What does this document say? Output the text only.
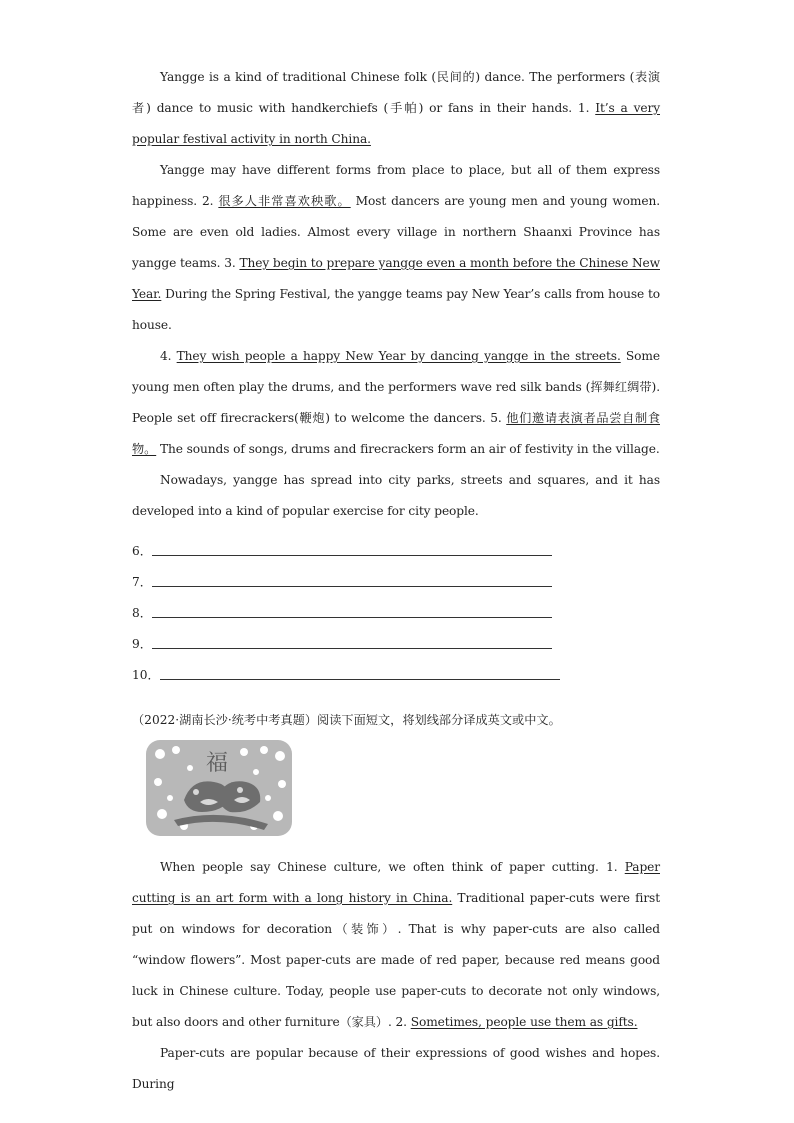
Yangge is a kind of traditional Chinese folk (民间的) dance. The performers (表演者) dance to music with handkerchiefs (手帕) or fans in their hands. 1. It’s a very popular festival activity in north China.

Yangge may have different forms from place to place, but all of them express happiness. 2. 很多人非常喜欢秧歌。 Most dancers are young men and young women. Some are even old ladies. Almost every village in northern Shaanxi Province has yangge teams. 3. They begin to prepare yangge even a month before the Chinese New Year. During the Spring Festival, the yangge teams pay New Year’s calls from house to house.

4. They wish people a happy New Year by dancing yangge in the streets. Some young men often play the drums, and the performers wave red silk bands (挥舞红绸带). People set off firecrackers(鞭炮) to welcome the dancers. 5. 他们邀请表演者品尝自制食物。 The sounds of songs, drums and firecrackers form an air of festivity in the village.

Nowadays, yangge has spread into city parks, streets and squares, and it has developed into a kind of popular exercise for city people.

6．
7．
8．
9．
10．
（2022·湖南长沙·统考中考真题）阅读下面短文，将划线部分译成英文或中文。
福

When people say Chinese culture, we often think of paper cutting. 1. Paper cutting is an art form with a long history in China. Traditional paper-cuts were first put on windows for decoration（装饰）. That is why paper-cuts are also called “window flowers”. Most paper-cuts are made of red paper, because red means good luck in Chinese culture. Today, people use paper-cuts to decorate not only windows, but also doors and other furniture（家具）. 2. Sometimes, people use them as gifts.

Paper-cuts are popular because of their expressions of good wishes and hopes. During
